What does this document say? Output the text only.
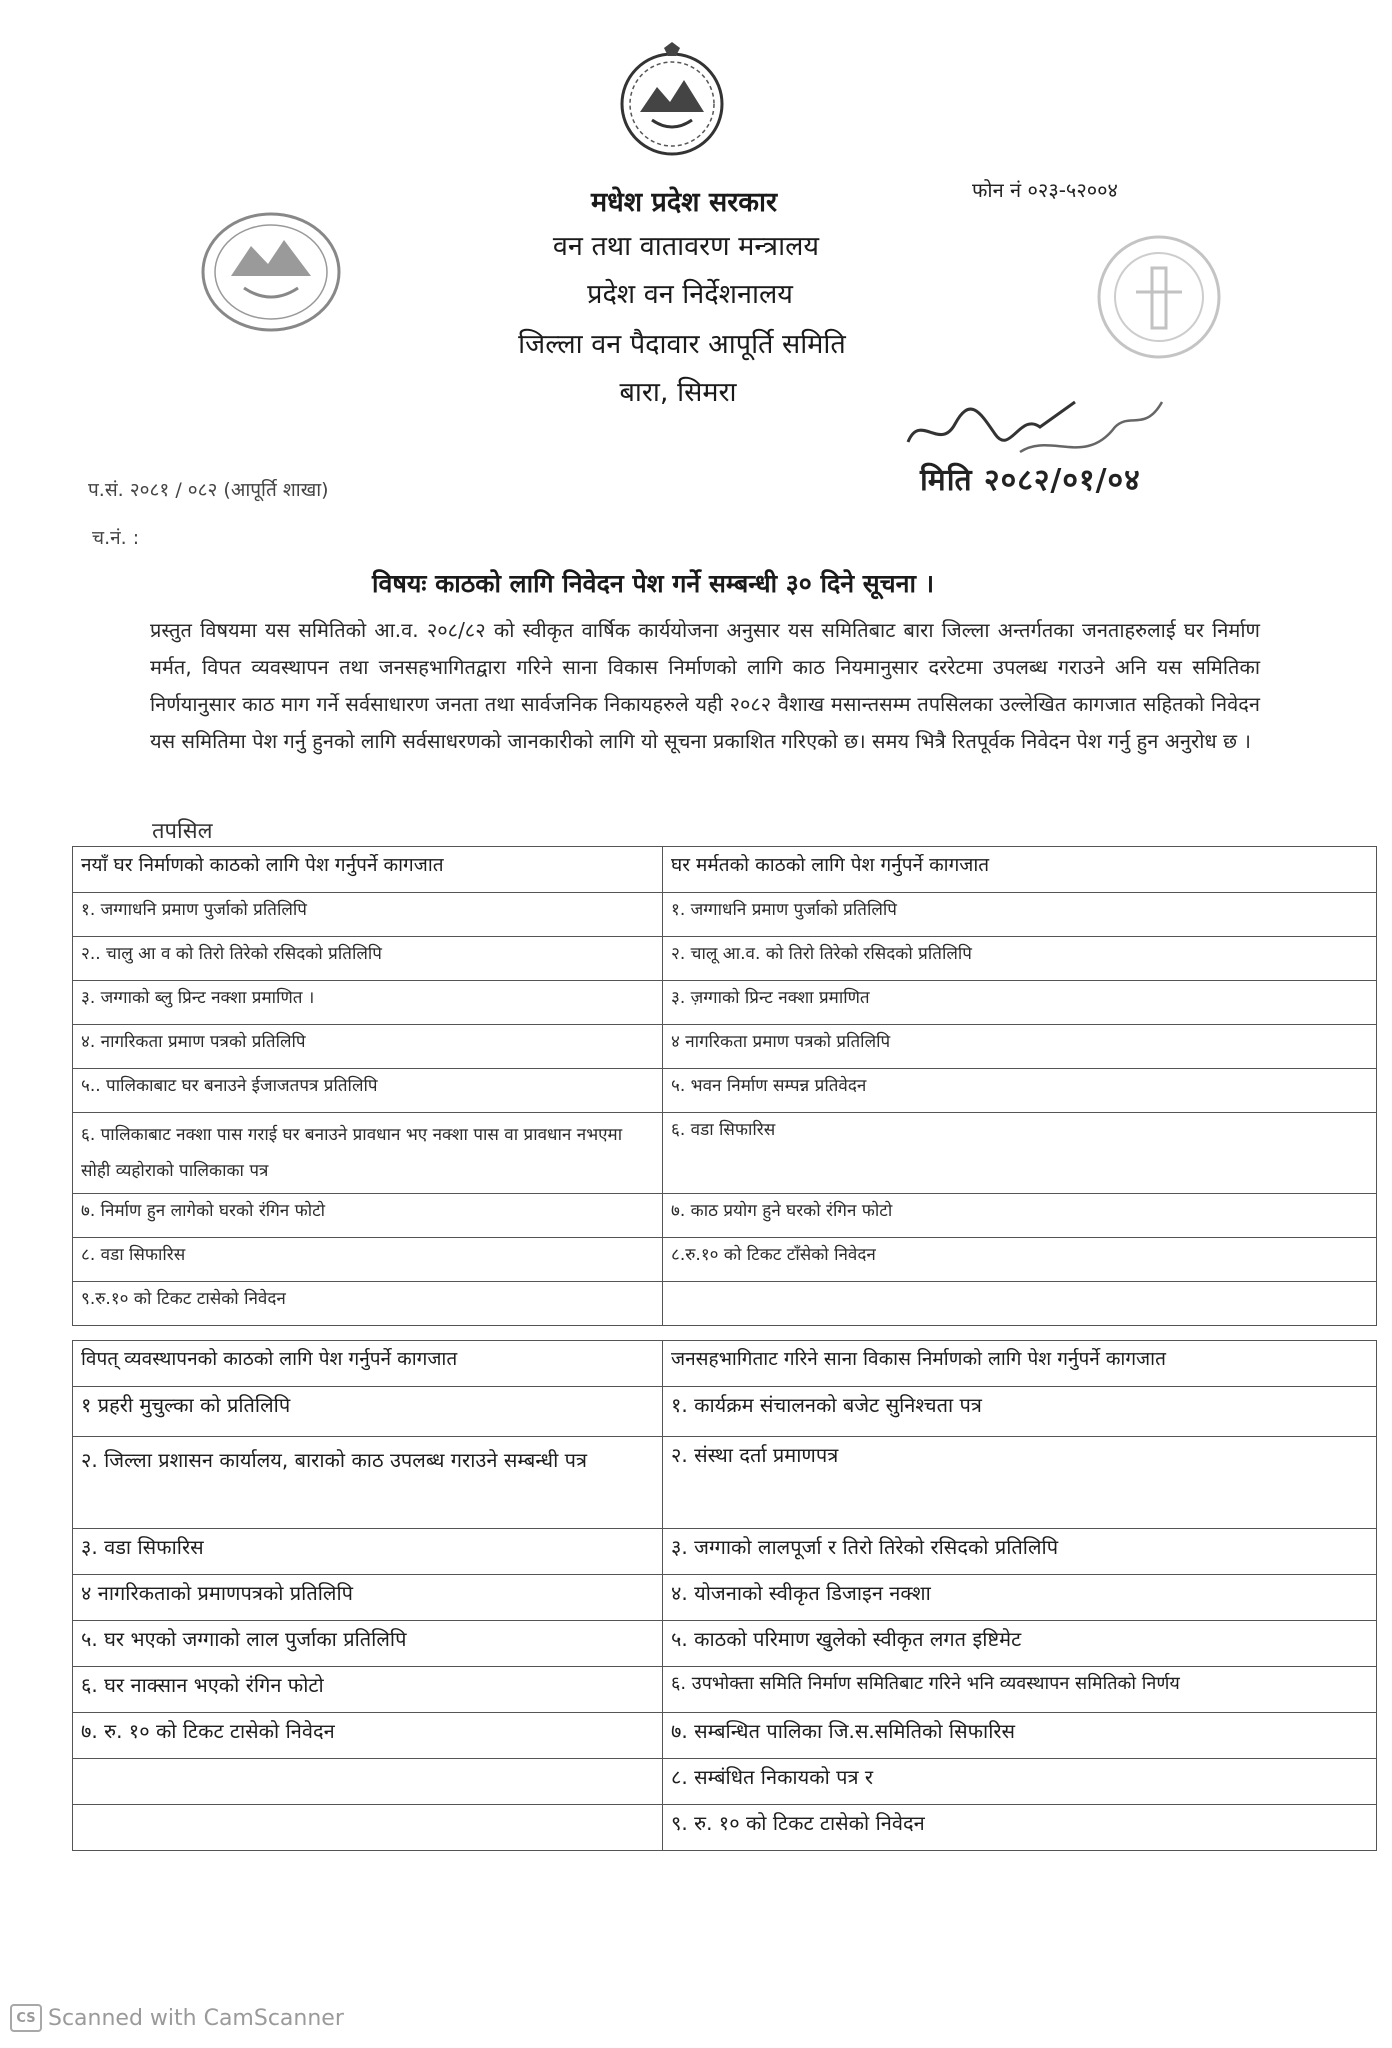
फोन नं ०२३-५२००४
मधेश प्रदेश सरकार
वन तथा वातावरण मन्त्रालय
प्रदेश वन निर्देशनालय
जिल्ला वन पैदावार आपूर्ति समिति
बारा, सिमरा
मिति २०८२/०१/०४
प.सं. २०८१ / ०८२ (आपूर्ति शाखा)
च.नं. :
विषयः काठको लागि निवेदन पेश गर्ने सम्बन्धी ३० दिने सूचना ।
प्रस्तुत विषयमा यस समितिको आ.व. २०८/८२ को स्वीकृत वार्षिक कार्ययोजना अनुसार यस समितिबाट बारा जिल्ला अन्तर्गतका जनताहरुलाई घर निर्माण मर्मत, विपत व्यवस्थापन तथा जनसहभागितद्वारा गरिने साना विकास निर्माणको लागि काठ नियमानुसार दररेटमा उपलब्ध गराउने अनि यस समितिका निर्णयानुसार काठ माग गर्ने सर्वसाधारण जनता तथा सार्वजनिक निकायहरुले यही २०८२ वैशाख मसान्तसम्म तपसिलका उल्लेखित कागजात सहितको निवेदन यस समितिमा पेश गर्नु हुनको लागि सर्वसाधरणको जानकारीको लागि यो सूचना प्रकाशित गरिएको छ। समय भित्रै रितपूर्वक निवेदन पेश गर्नु हुन अनुरोध छ ।
तपसिल
नयाँ घर निर्माणको काठको लागि पेश गर्नुपर्ने कागजात	घर मर्मतको काठको लागि पेश गर्नुपर्ने कागजात
१. जग्गाधनि प्रमाण पुर्जाको प्रतिलिपि	१. जग्गाधनि प्रमाण पुर्जाको प्रतिलिपि
२.. चालु आ व को तिरो तिरेको रसिदको प्रतिलिपि	२. चालू आ.व. को तिरो तिरेको रसिदको प्रतिलिपि
३. जग्गाको ब्लु प्रिन्ट नक्शा प्रमाणित ।	३. ज़ग्गाको प्रिन्ट नक्शा प्रमाणित
४. नागरिकता प्रमाण पत्रको प्रतिलिपि	४ नागरिकता प्रमाण पत्रको प्रतिलिपि
५.. पालिकाबाट घर बनाउने ईजाजतपत्र प्रतिलिपि	५. भवन निर्माण सम्पन्न प्रतिवेदन
६. पालिकाबाट नक्शा पास गराई घर बनाउने प्रावधान भए नक्शा पास वा प्रावधान नभएमा सोही व्यहोराको पालिकाका पत्र	६. वडा सिफारिस
७. निर्माण हुन लागेको घरको रंगिन फोटो	७. काठ प्रयोग हुने घरको रंगिन फोटो
८. वडा सिफारिस	८.रु.१० को टिकट टाँसेको निवेदन
९.रु.१० को टिकट टासेको निवेदन	
विपत् व्यवस्थापनको काठको लागि पेश गर्नुपर्ने कागजात	जनसहभागिताट गरिने साना विकास निर्माणको लागि पेश गर्नुपर्ने कागजात
१ प्रहरी मुचुल्का को प्रतिलिपि	१. कार्यक्रम संचालनको बजेट सुनिश्चता पत्र
२. जिल्ला प्रशासन कार्यालय, बाराको काठ उपलब्ध गराउने सम्बन्धी पत्र	२. संस्था दर्ता प्रमाणपत्र
३. वडा सिफारिस	३. जग्गाको लालपूर्जा र तिरो तिरेको रसिदको प्रतिलिपि
४ नागरिकताको प्रमाणपत्रको प्रतिलिपि	४. योजनाको स्वीकृत डिजाइन नक्शा
५. घर भएको जग्गाको लाल पुर्जाका प्रतिलिपि	५. काठको परिमाण खुलेको स्वीकृत लगत इष्टिमेट
६. घर नाक्सान भएको रंगिन फोटो	६. उपभोक्ता समिति निर्माण समितिबाट गरिने भनि व्यवस्थापन समितिको निर्णय
७. रु. १० को टिकट टासेको निवेदन	७. सम्बन्धित पालिका जि.स.समितिको सिफारिस
	८. सम्बंधित निकायको पत्र र
	९. रु. १० को टिकट टासेको निवेदन
CS Scanned with CamScanner
